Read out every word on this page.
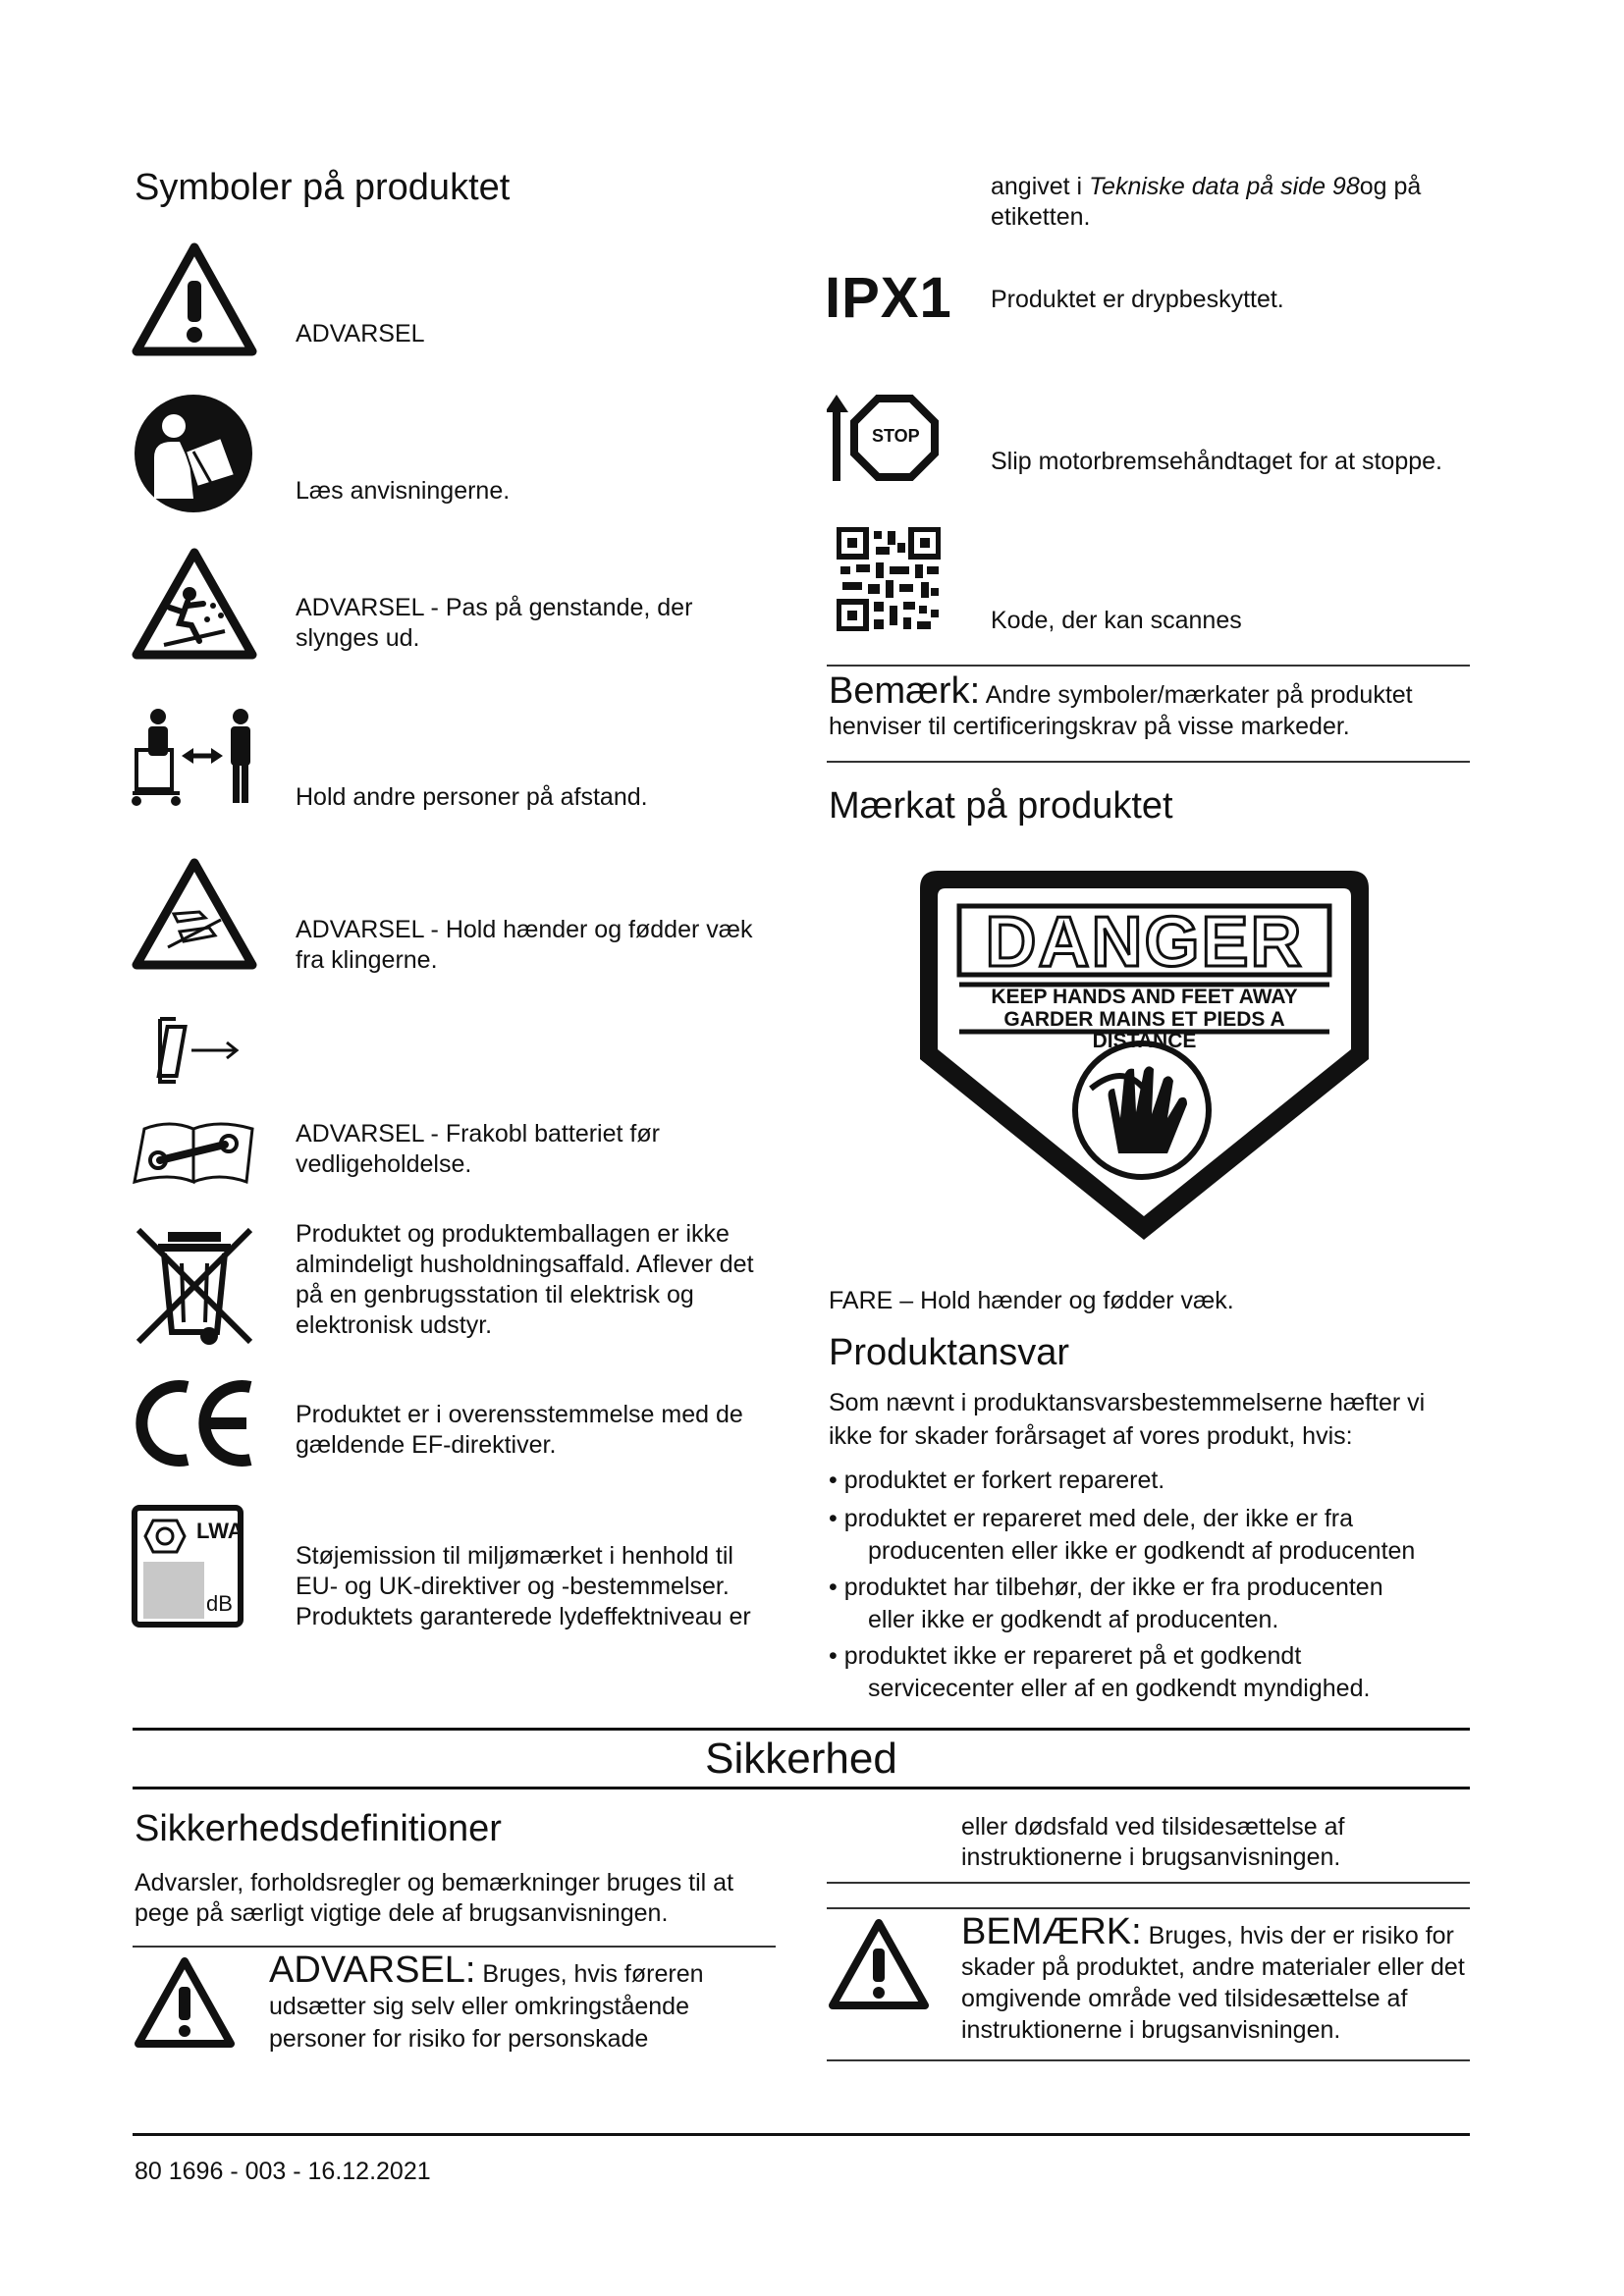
Symboler på produktet
ADVARSEL
Læs anvisningerne.
ADVARSEL - Pas på genstande, der slynges ud.
Hold andre personer på afstand.
ADVARSEL - Hold hænder og fødder væk fra klingerne.
ADVARSEL - Frakobl batteriet før vedligeholdelse.
Produktet og produktemballagen er ikke almindeligt husholdningsaffald. Aflever det på en genbrugsstation til elektrisk og elektronisk udstyr.
Produktet er i overensstemmelse med de gældende EF-direktiver.
LWA
dB
Støjemission til miljømærket i henhold til EU- og UK-direktiver og -bestemmelser. Produktets garanterede lydeffektniveau er
angivet i Tekniske data på side 98og på etiketten.
IPX1 Produktet er drypbeskyttet.
STOP
Slip motorbremsehåndtaget for at stoppe.
Kode, der kan scannes
Bemærk: Andre symboler/mærkater på produktet henviser til certificeringskrav på visse markeder.
Mærkat på produktet
DANGER
KEEP HANDS AND FEET AWAY
GARDER MAINS ET PIEDS A DISTANCE
FARE – Hold hænder og fødder væk.
Produktansvar
Som nævnt i produktansvarsbestemmelserne hæfter vi ikke for skader forårsaget af vores produkt, hvis:
• produktet er forkert repareret.
• produktet er repareret med dele, der ikke er fra
producenten eller ikke er godkendt af producenten
• produktet har tilbehør, der ikke er fra producenten
eller ikke er godkendt af producenten.
• produktet ikke er repareret på et godkendt
servicecenter eller af en godkendt myndighed.
Sikkerhed
Sikkerhedsdefinitioner
Advarsler, forholdsregler og bemærkninger bruges til at pege på særligt vigtige dele af brugsanvisningen.
ADVARSEL: Bruges, hvis føreren udsætter sig selv eller omkringstående personer for risiko for personskade
eller dødsfald ved tilsidesættelse af instruktionerne i brugsanvisningen.
BEMÆRK: Bruges, hvis der er risiko for skader på produktet, andre materialer eller det omgivende område ved tilsidesættelse af instruktionerne i brugsanvisningen.
80 1696 - 003 - 16.12.2021
